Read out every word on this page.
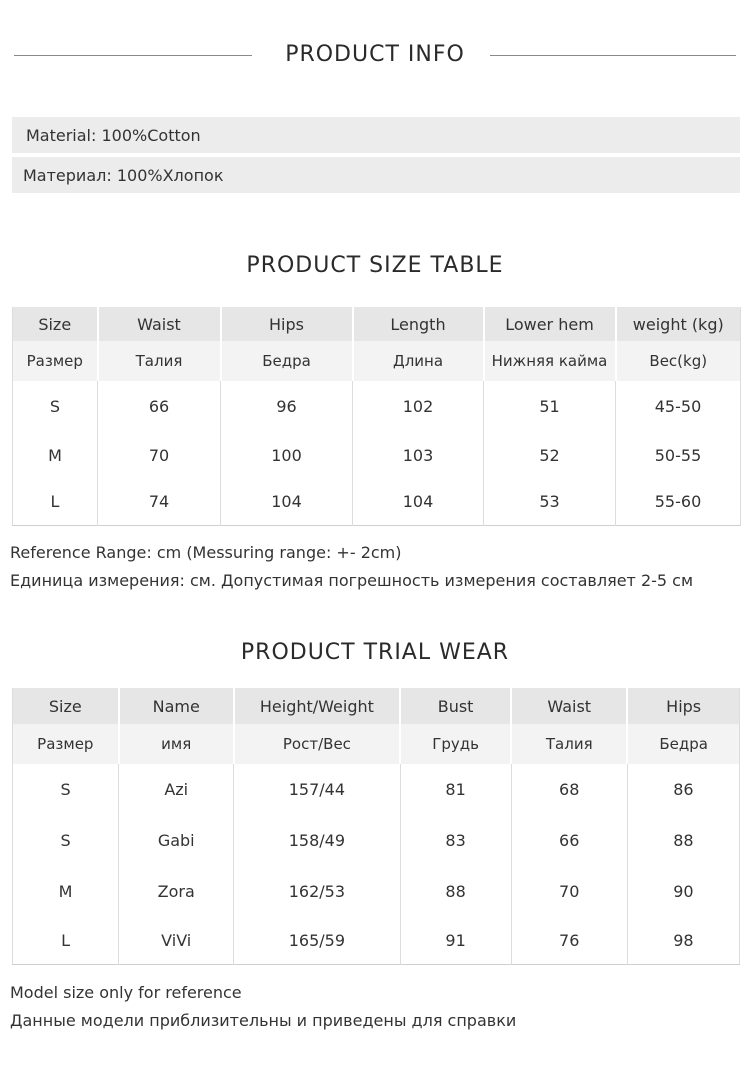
PRODUCT INFO
Material:
100%Cotton
Материал:
100%Хлопок
PRODUCT SIZE TABLE
Size	Waist	Hips	Length	Lower hem	weight (kg)
Размер	Талия	Бедра	Длина	Нижняя кайма	Вес(kg)
S	66	96	102	51	45-50
M	70	100	103	52	50-55
L	74	104	104	53	55-60
Reference Range: cm (Messuring range: +- 2cm)
Единица измерения: см. Допустимая погрешность измерения составляет 2-5 см
PRODUCT TRIAL WEAR
Size	Name	Height/Weight	Bust	Waist	Hips
Размер	имя	Рост/Вес	Грудь	Талия	Бедра
S	Azi	157/44	81	68	86
S	Gabi	158/49	83	66	88
M	Zora	162/53	88	70	90
L	ViVi	165/59	91	76	98
Model size only for reference
Данные модели приблизительны и приведены для справки
